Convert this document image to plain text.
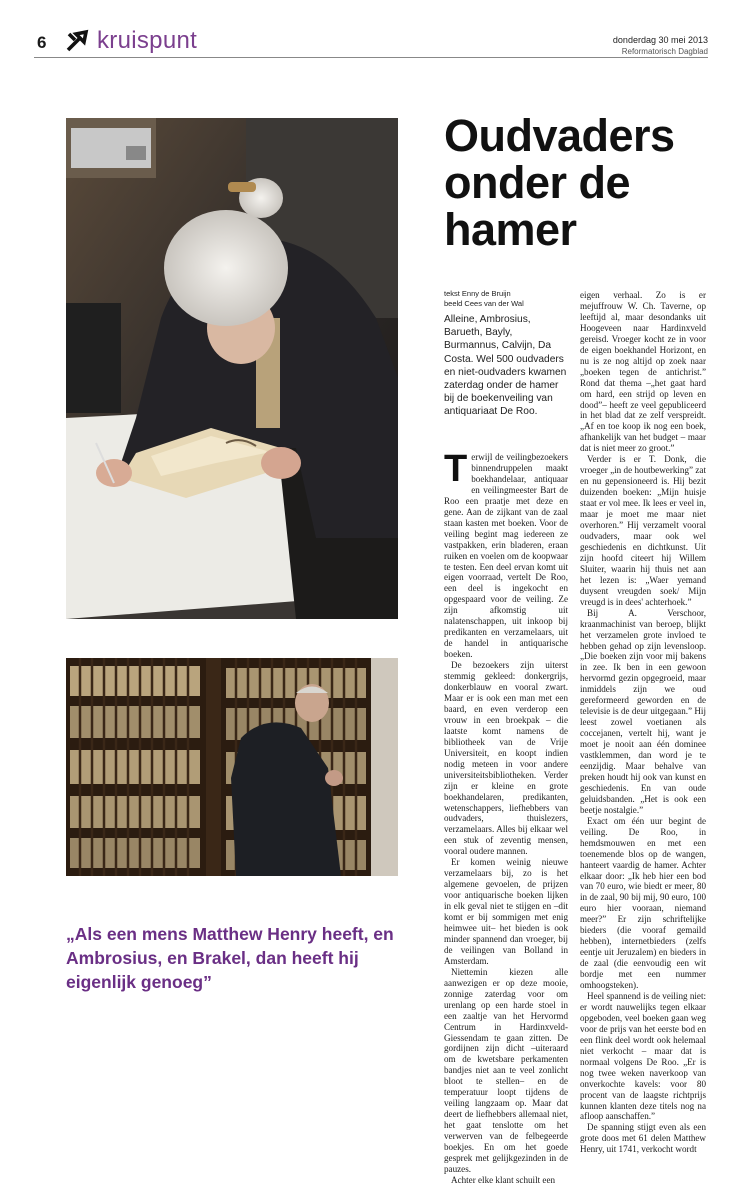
6 kruispunt	donderdag 30 mei 2013
Reformatorisch Dagblad
„Als een mens Matthew Henry heeft, en Ambrosius, en Brakel, dan heeft hij eigenlijk genoeg”
Oudvaders onder de hamer
tekst Enny de Bruijn
beeld Cees van der Wal
Alleine, Ambrosius, Barueth, Bayly, Burmannus, Calvijn, Da Costa. Wel 500 oudvaders en niet-oudvaders kwamen zaterdag onder de hamer bij de boekenveiling van antiquariaat De Roo.

Terwijl de veilingbezoekers binnendruppelen maakt boekhandelaar, antiquaar en veilingmeester Bart de Roo een praatje met deze en gene. Aan de zijkant van de zaal staan kasten met boeken. Voor de veiling begint mag iedereen ze vastpakken, erin bladeren, eraan ruiken en voelen om de koopwaar te testen. Een deel ervan komt uit eigen voorraad, vertelt De Roo, een deel is ingekocht en opgespaard voor de veiling. Ze zijn afkomstig uit nalatenschappen, uit inkoop bij predikanten en verzamelaars, uit de handel in antiquarische boeken.

De bezoekers zijn uiterst stemmig gekleed: donkergrijs, donkerblauw en vooral zwart. Maar er is ook een man met een baard, en even verderop een vrouw in een broekpak – die laatste komt namens de bibliotheek van de Vrije Universiteit, en koopt indien nodig meteen in voor andere universiteitsbibliotheken. Verder zijn er kleine en grote boekhandelaren, predikanten, wetenschappers, liefhebbers van oudvaders, thuislezers, verzamelaars. Alles bij elkaar wel een stuk of zeventig mensen, vooral oudere mannen.

Er komen weinig nieuwe verzamelaars bij, zo is het algemene gevoelen, de prijzen voor antiquarische boeken lijken in elk geval niet te stijgen en –dit komt er bij sommigen met enig heimwee uit– het bieden is ook minder spannend dan vroeger, bij de veilingen van Bolland in Amsterdam.

Niettemin kiezen alle aanwezigen er op deze mooie, zonnige zaterdag voor om urenlang op een harde stoel in een zaaltje van het Hervormd Centrum in Hardinxveld-Giessendam te gaan zitten. De gordijnen zijn dicht –uiteraard om de kwetsbare perkamenten bandjes niet aan te veel zonlicht bloot te stellen– en de temperatuur loopt tijdens de veiling langzaam op. Maar dat deert de liefhebbers allemaal niet, het gaat tenslotte om het verwerven van de felbegeerde boekjes. En om het goede gesprek met gelijkgezinden in de pauzes.

Achter elke klant schuilt een

eigen verhaal. Zo is er mejuffrouw W. Ch. Taverne, op leeftijd al, maar desondanks uit Hoogeveen naar Hardinxveld gereisd. Vroeger kocht ze in voor de eigen boekhandel Horizont, en nu is ze nog altijd op zoek naar „boeken tegen de antichrist.” Rond dat thema –„het gaat hard om hard, een strijd op leven en dood”– heeft ze veel gepubliceerd in het blad dat ze zelf verspreidt. „Af en toe koop ik nog een boek, afhankelijk van het budget – maar dat is niet meer zo groot.”

Verder is er T. Donk, die vroeger „in de houtbewerking” zat en nu gepensioneerd is. Hij bezit duizenden boeken: „Mijn huisje staat er vol mee. Ik lees er veel in, maar je moet me maar niet overhoren.” Hij verzamelt vooral oudvaders, maar ook wel geschiedenis en dichtkunst. Uit zijn hoofd citeert hij Willem Sluiter, waarin hij thuis net aan het lezen is: „Waer yemand duysent vreugden soek/ Mijn vreugd is in dees' achterhoek.”

Bij A. Verschoor, kraanmachinist van beroep, blijkt het verzamelen grote invloed te hebben gehad op zijn levensloop. „Die boeken zijn voor mij bakens in zee. Ik ben in een gewoon hervormd gezin opgegroeid, maar inmiddels zijn we oud gereformeerd geworden en de televisie is de deur uitgegaan.” Hij leest zowel voetianen als coccejanen, vertelt hij, want je moet je nooit aan één dominee vastklemmen, dan word je te eenzijdig. Maar behalve van preken houdt hij ook van kunst en geschiedenis. En van oude geluidsbanden. „Het is ook een beetje nostalgie.”

Exact om één uur begint de veiling. De Roo, in hemdsmouwen en met een toenemende blos op de wangen, hanteert vaardig de hamer. Achter elkaar door: „Ik heb hier een bod van 70 euro, wie biedt er meer, 80 in de zaal, 90 bij mij, 90 euro, 100 euro hier vooraan, niemand meer?” Er zijn schriftelijke bieders (die vooraf gemaild hebben), internetbieders (zelfs eentje uit Jeruzalem) en bieders in de zaal (die eenvoudig een wit bordje met een nummer omhoogsteken).

Heel spannend is de veiling niet: er wordt nauwelijks tegen elkaar opgeboden, veel boeken gaan weg voor de prijs van het eerste bod en een flink deel wordt ook helemaal niet verkocht – maar dat is normaal volgens De Roo. „Er is nog twee weken naverkoop van onverkochte kavels: voor 80 procent van de laagste richtprijs kunnen klanten deze titels nog na afloop aanschaffen.”

De spanning stijgt even als een grote doos met 61 delen Matthew Henry, uit 1741, verkocht wordt
